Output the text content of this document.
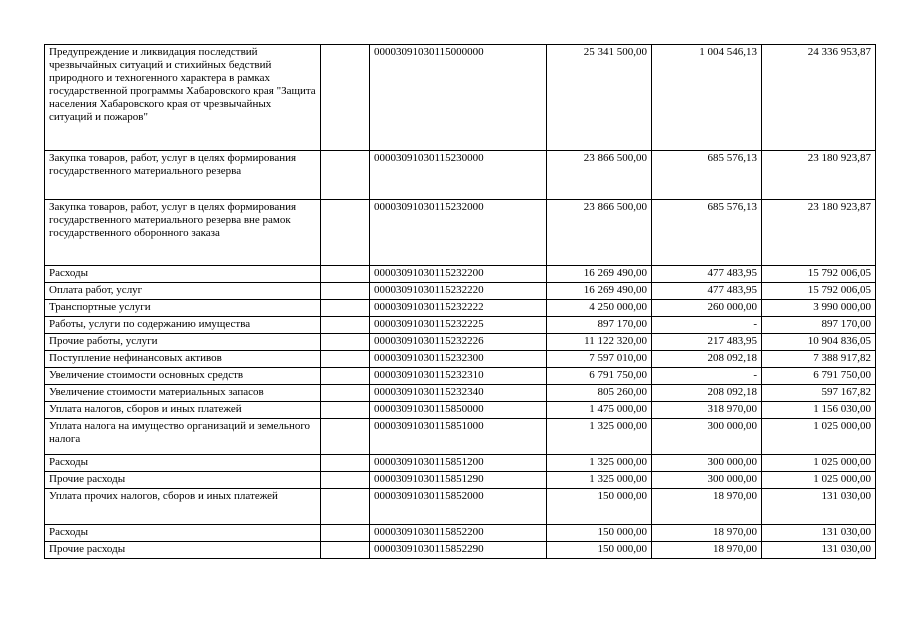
Предупреждение и ликвидация последствий чрезвычайных ситуаций и стихийных бедствий природного и техногенного характера в рамках государственной программы Хабаровского края "Защита населения Хабаровского края от чрезвычайных ситуаций и пожаров"		00003091030115000000	25 341 500,00	1 004 546,13	24 336 953,87
Закупка товаров, работ, услуг в целях формирования государственного материального резерва		00003091030115230000	23 866 500,00	685 576,13	23 180 923,87
Закупка товаров, работ, услуг в целях формирования государственного материального резерва вне рамок государственного оборонного заказа		00003091030115232000	23 866 500,00	685 576,13	23 180 923,87
Расходы		00003091030115232200	16 269 490,00	477 483,95	15 792 006,05
Оплата работ, услуг		00003091030115232220	16 269 490,00	477 483,95	15 792 006,05
Транспортные услуги		00003091030115232222	4 250 000,00	260 000,00	3 990 000,00
Работы, услуги по содержанию имущества		00003091030115232225	897 170,00	-	897 170,00
Прочие работы, услуги		00003091030115232226	11 122 320,00	217 483,95	10 904 836,05
Поступление нефинансовых активов		00003091030115232300	7 597 010,00	208 092,18	7 388 917,82
Увеличение стоимости основных средств		00003091030115232310	6 791 750,00	-	6 791 750,00
Увеличение стоимости материальных запасов		00003091030115232340	805 260,00	208 092,18	597 167,82
Уплата налогов, сборов и иных платежей		00003091030115850000	1 475 000,00	318 970,00	1 156 030,00
Уплата налога на имущество организаций и земельного налога		00003091030115851000	1 325 000,00	300 000,00	1 025 000,00
Расходы		00003091030115851200	1 325 000,00	300 000,00	1 025 000,00
Прочие расходы		00003091030115851290	1 325 000,00	300 000,00	1 025 000,00
Уплата прочих налогов, сборов и иных платежей		00003091030115852000	150 000,00	18 970,00	131 030,00
Расходы		00003091030115852200	150 000,00	18 970,00	131 030,00
Прочие расходы		00003091030115852290	150 000,00	18 970,00	131 030,00
